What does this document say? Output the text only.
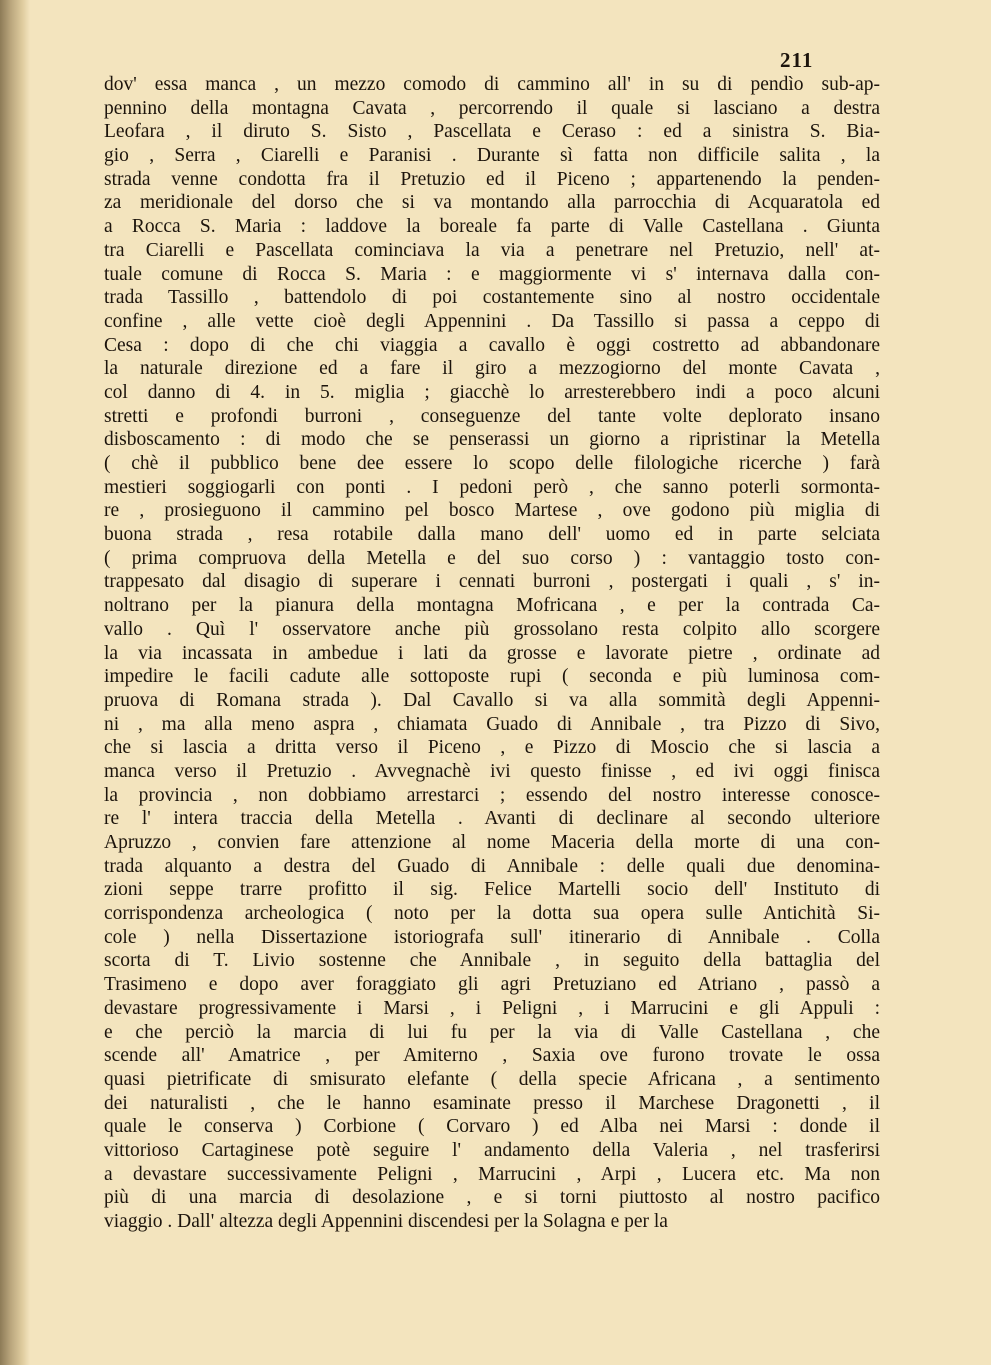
211
dov' essa manca , un mezzo comodo di cammino all' in su di pendìo sub-ap-
pennino della montagna Cavata , percorrendo il quale si lasciano a destra
Leofara , il diruto S. Sisto , Pascellata e Ceraso : ed a sinistra S. Bia-
gio , Serra , Ciarelli e Paranisi . Durante sì fatta non difficile salita , la
strada venne condotta fra il Pretuzio ed il Piceno ; appartenendo la penden-
za meridionale del dorso che si va montando alla parrocchia di Acquaratola ed
a Rocca S. Maria : laddove la boreale fa parte di Valle Castellana . Giunta
tra Ciarelli e Pascellata cominciava la via a penetrare nel Pretuzio, nell' at-
tuale comune di Rocca S. Maria : e maggiormente vi s' internava dalla con-
trada Tassillo , battendolo di poi costantemente sino al nostro occidentale
confine , alle vette cioè degli Appennini . Da Tassillo si passa a ceppo di
Cesa : dopo di che chi viaggia a cavallo è oggi costretto ad abbandonare
la naturale direzione ed a fare il giro a mezzogiorno del monte Cavata ,
col danno di 4. in 5. miglia ; giacchè lo arresterebbero indi a poco alcuni
stretti e profondi burroni , conseguenze del tante volte deplorato insano
disboscamento : di modo che se penserassi un giorno a ripristinar la Metella
( chè il pubblico bene dee essere lo scopo delle filologiche ricerche ) farà
mestieri soggiogarli con ponti . I pedoni però , che sanno poterli sormonta-
re , prosieguono il cammino pel bosco Martese , ove godono più miglia di
buona strada , resa rotabile dalla mano dell' uomo ed in parte selciata
( prima compruova della Metella e del suo corso ) : vantaggio tosto con-
trappesato dal disagio di superare i cennati burroni , postergati i quali , s' in-
noltrano per la pianura della montagna Mofricana , e per la contrada Ca-
vallo . Quì l' osservatore anche più grossolano resta colpito allo scorgere
la via incassata in ambedue i lati da grosse e lavorate pietre , ordinate ad
impedire le facili cadute alle sottoposte rupi ( seconda e più luminosa com-
pruova di Romana strada ). Dal Cavallo si va alla sommità degli Appenni-
ni , ma alla meno aspra , chiamata Guado di Annibale , tra Pizzo di Sivo,
che si lascia a dritta verso il Piceno , e Pizzo di Moscio che si lascia a
manca verso il Pretuzio . Avvegnachè ivi questo finisse , ed ivi oggi finisca
la provincia , non dobbiamo arrestarci ; essendo del nostro interesse conosce-
re l' intera traccia della Metella . Avanti di declinare al secondo ulteriore
Apruzzo , convien fare attenzione al nome Maceria della morte di una con-
trada alquanto a destra del Guado di Annibale : delle quali due denomina-
zioni seppe trarre profitto il sig. Felice Martelli socio dell' Instituto di
corrispondenza archeologica ( noto per la dotta sua opera sulle Antichità Si-
cole ) nella Dissertazione istoriografa sull' itinerario di Annibale . Colla
scorta di T. Livio sostenne che Annibale , in seguito della battaglia del
Trasimeno e dopo aver foraggiato gli agri Pretuziano ed Atriano , passò a
devastare progressivamente i Marsi , i Peligni , i Marrucini e gli Appuli :
e che perciò la marcia di lui fu per la via di Valle Castellana , che
scende all' Amatrice , per Amiterno , Saxia ove furono trovate le ossa
quasi pietrificate di smisurato elefante ( della specie Africana , a sentimento
dei naturalisti , che le hanno esaminate presso il Marchese Dragonetti , il
quale le conserva ) Corbione ( Corvaro ) ed Alba nei Marsi : donde il
vittorioso Cartaginese potè seguire l' andamento della Valeria , nel trasferirsi
a devastare successivamente Peligni , Marrucini , Arpi , Lucera etc. Ma non
più di una marcia di desolazione , e si torni piuttosto al nostro pacifico
viaggio . Dall' altezza degli Appennini discendesi per la Solagna e per la
